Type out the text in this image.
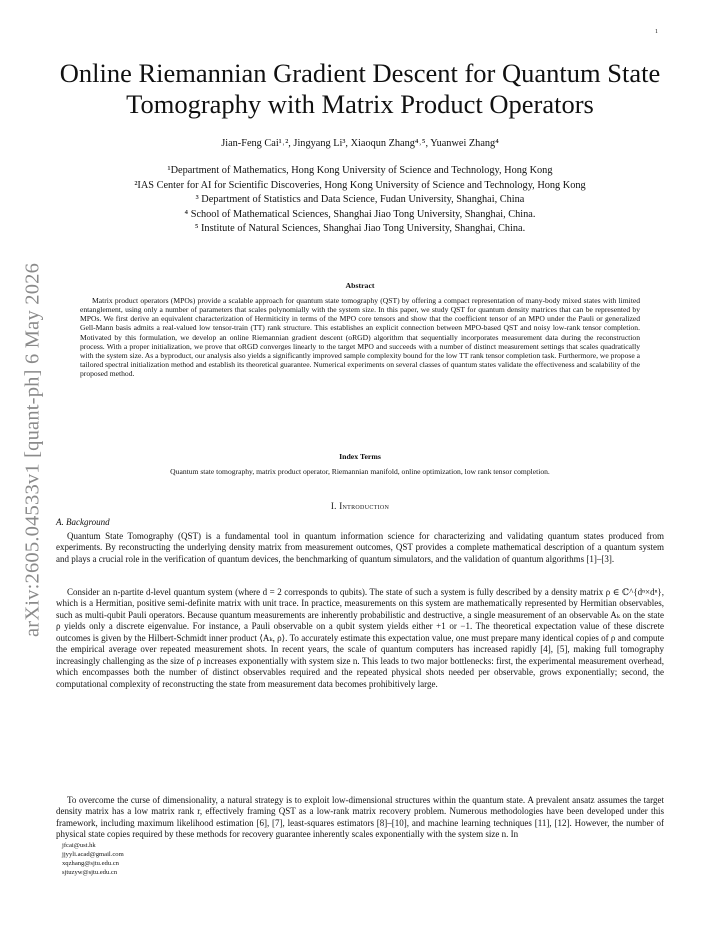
1
arXiv:2605.04533v1 [quant-ph] 6 May 2026
Online Riemannian Gradient Descent for Quantum State Tomography with Matrix Product Operators
Jian-Feng Cai¹˒², Jingyang Li³, Xiaoqun Zhang⁴˒⁵, Yuanwei Zhang⁴
¹Department of Mathematics, Hong Kong University of Science and Technology, Hong Kong
²IAS Center for AI for Scientific Discoveries, Hong Kong University of Science and Technology, Hong Kong
³ Department of Statistics and Data Science, Fudan University, Shanghai, China
⁴ School of Mathematical Sciences, Shanghai Jiao Tong University, Shanghai, China.
⁵ Institute of Natural Sciences, Shanghai Jiao Tong University, Shanghai, China.
Abstract

Matrix product operators (MPOs) provide a scalable approach for quantum state tomography (QST) by offering a compact representation of many-body mixed states with limited entanglement, using only a number of parameters that scales polynomially with the system size. In this paper, we study QST for quantum density matrices that can be represented by MPOs. We first derive an equivalent characterization of Hermiticity in terms of the MPO core tensors and show that the coefficient tensor of an MPO under the Pauli or generalized Gell-Mann basis admits a real-valued low tensor-train (TT) rank structure. This establishes an explicit connection between MPO-based QST and noisy low-rank tensor completion. Motivated by this formulation, we develop an online Riemannian gradient descent (oRGD) algorithm that sequentially incorporates measurement data during the reconstruction process. With a proper initialization, we prove that oRGD converges linearly to the target MPO and succeeds with a number of distinct measurement settings that scales quadratically with the system size. As a byproduct, our analysis also yields a significantly improved sample complexity bound for the low TT rank tensor completion task. Furthermore, we propose a tailored spectral initialization method and establish its theoretical guarantee. Numerical experiments on several classes of quantum states validate the effectiveness and scalability of the proposed method.

Index Terms
Quantum state tomography, matrix product operator, Riemannian manifold, online optimization, low rank tensor completion.
I. Introduction
A. Background

Quantum State Tomography (QST) is a fundamental tool in quantum information science for characterizing and validating quantum states produced from experiments. By reconstructing the underlying density matrix from measurement outcomes, QST provides a complete mathematical description of a quantum system and plays a crucial role in the verification of quantum devices, the benchmarking of quantum simulators, and the validation of quantum algorithms [1]–[3].

Consider an n-partite d-level quantum system (where d = 2 corresponds to qubits). The state of such a system is fully described by a density matrix ρ ∈ ℂ^{dⁿ×dⁿ}, which is a Hermitian, positive semi-definite matrix with unit trace. In practice, measurements on this system are mathematically represented by Hermitian observables, such as multi-qubit Pauli operators. Because quantum measurements are inherently probabilistic and destructive, a single measurement of an observable Aₖ on the state ρ yields only a discrete eigenvalue. For instance, a Pauli observable on a qubit system yields either +1 or −1. The theoretical expectation value of these discrete outcomes is given by the Hilbert-Schmidt inner product ⟨Aₖ, ρ⟩. To accurately estimate this expectation value, one must prepare many identical copies of ρ and compute the empirical average over repeated measurement shots. In recent years, the scale of quantum computers has increased rapidly [4], [5], making full tomography increasingly challenging as the size of ρ increases exponentially with system size n. This leads to two major bottlenecks: first, the experimental measurement overhead, which encompasses both the number of distinct observables required and the repeated physical shots needed per observable, grows exponentially; second, the computational complexity of reconstructing the state from measurement data becomes prohibitively large.

To overcome the curse of dimensionality, a natural strategy is to exploit low-dimensional structures within the quantum state. A prevalent ansatz assumes the target density matrix has a low matrix rank r, effectively framing QST as a low-rank matrix recovery problem. Numerous methodologies have been developed under this framework, including maximum likelihood estimation [6], [7], least-squares estimators [8]–[10], and machine learning techniques [11], [12]. However, the number of physical state copies required by these methods for recovery guarantee inherently scales exponentially with the system size n. In

jfcai@ust.hk
jjyyli.acad@gmail.com
xqzhang@sjtu.edu.cn
sjtuzyw@sjtu.edu.cn
